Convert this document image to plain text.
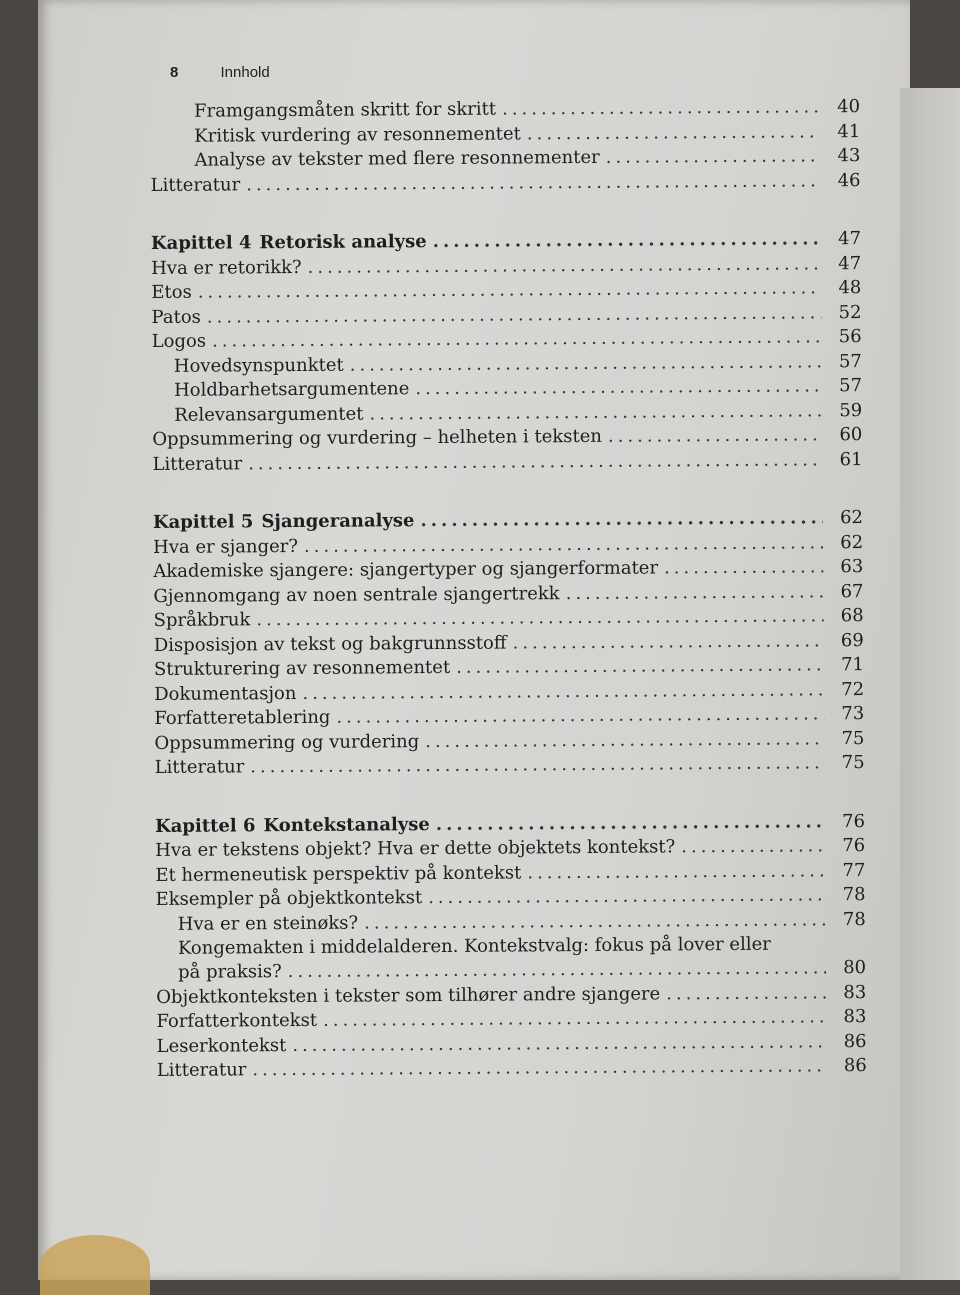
8	Innhold
Framgangsmåten skritt for skritt .....	40
Kritisk vurdering av resonnementet .....	41
Analyse av tekster med flere resonnementer .....	43
Litteratur .....	46
Kapittel 4 Retorisk analyse .....	47
Hva er retorikk? .....	47
Etos .....	48
Patos .....	52
Logos .....	56
Hovedsynspunktet .....	57
Holdbarhetsargumentene .....	57
Relevansargumentet .....	59
Oppsummering og vurdering – helheten i teksten .....	60
Litteratur .....	61
Kapittel 5 Sjangeranalyse .....	62
Hva er sjanger? .....	62
Akademiske sjangere: sjangertyper og sjangerformater .....	63
Gjennomgang av noen sentrale sjangertrekk .....	67
Språkbruk .....	68
Disposisjon av tekst og bakgrunnsstoff .....	69
Strukturering av resonnementet .....	71
Dokumentasjon .....	72
Forfatteretablering .....	73
Oppsummering og vurdering .....	75
Litteratur .....	75
Kapittel 6 Kontekstanalyse .....	76
Hva er tekstens objekt? Hva er dette objektets kontekst? .....	76
Et hermeneutisk perspektiv på kontekst .....	77
Eksempler på objektkontekst .....	78
Hva er en steinøks? .....	78
Kongemakten i middelalderen. Kontekstvalg: fokus på lover eller
på praksis? .....	80
Objektkonteksten i tekster som tilhører andre sjangere .....	83
Forfatterkontekst .....	83
Leserkontekst .....	86
Litteratur .....	86
